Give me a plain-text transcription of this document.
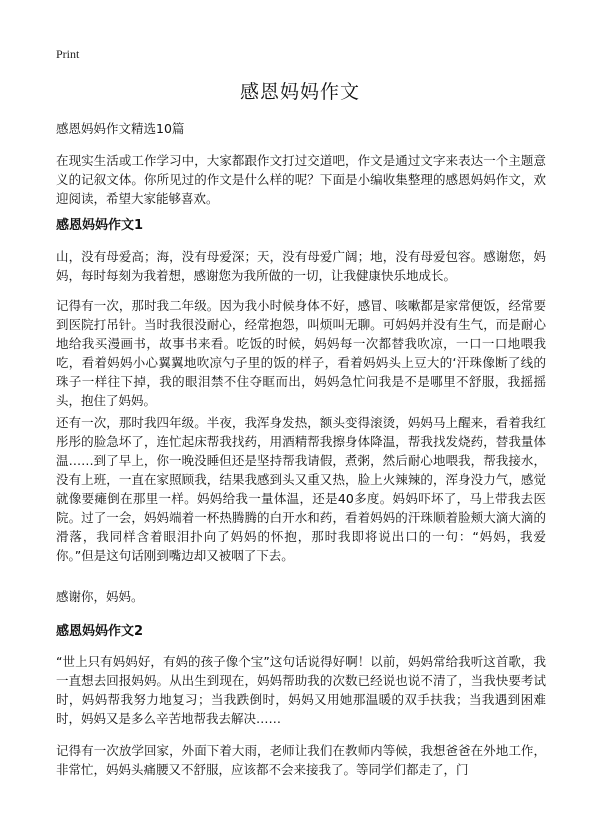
Print
感恩妈妈作文

感恩妈妈作文精选10篇

在现实生活或工作学习中，大家都跟作文打过交道吧，作文是通过文字来表达一个主题意义的记叙文体。你所见过的作文是什么样的呢？下面是小编收集整理的感恩妈妈作文，欢迎阅读，希望大家能够喜欢。

感恩妈妈作文1

山，没有母爱高；海，没有母爱深；天，没有母爱广阔；地，没有母爱包容。感谢您，妈妈，每时每刻为我着想，感谢您为我所做的一切，让我健康快乐地成长。

记得有一次，那时我二年级。因为我小时候身体不好，感冒、咳嗽都是家常便饭，经常要到医院打吊针。当时我很没耐心，经常抱怨，叫烦叫无聊。可妈妈并没有生气，而是耐心地给我买漫画书，故事书来看。吃饭的时候，妈妈每一次都替我吹凉，一口一口地喂我吃，看着妈妈小心翼翼地吹凉勺子里的饭的样子，看着妈妈头上豆大的‘汗珠像断了线的珠子一样往下掉，我的眼泪禁不住夺眶而出，妈妈急忙问我是不是哪里不舒服，我摇摇头，抱住了妈妈。

还有一次，那时我四年级。半夜，我浑身发热，额头变得滚烫，妈妈马上醒来，看着我红彤彤的脸急坏了，连忙起床帮我找药，用酒精帮我擦身体降温，帮我找发烧药，替我量体温……到了早上，你一晚没睡但还是坚持帮我请假，煮粥，然后耐心地喂我，帮我接水，没有上班，一直在家照顾我，结果我感到头又重又热，脸上火辣辣的，浑身没力气，感觉就像要瘫倒在那里一样。妈妈给我一量体温，还是40多度。妈妈吓坏了，马上带我去医院。过了一会，妈妈端着一杯热腾腾的白开水和药，看着妈妈的汗珠顺着脸颊大滴大滴的滑落，我同样含着眼泪扑向了妈妈的怀抱，那时我即将说出口的一句：“妈妈，我爱你。”但是这句话刚到嘴边却又被咽了下去。

感谢你，妈妈。

感恩妈妈作文2

“世上只有妈妈好，有妈的孩子像个宝”这句话说得好啊！以前，妈妈常给我听这首歌，我一直想去回报妈妈。从出生到现在，妈妈帮助我的次数已经说也说不清了，当我快要考试时，妈妈帮我努力地复习；当我跌倒时，妈妈又用她那温暖的双手扶我；当我遇到困难时，妈妈又是多么辛苦地帮我去解决……

记得有一次放学回家，外面下着大雨，老师让我们在教师内等候，我想爸爸在外地工作，非常忙，妈妈头痛腰又不舒服，应该都不会来接我了。等同学们都走了，门
